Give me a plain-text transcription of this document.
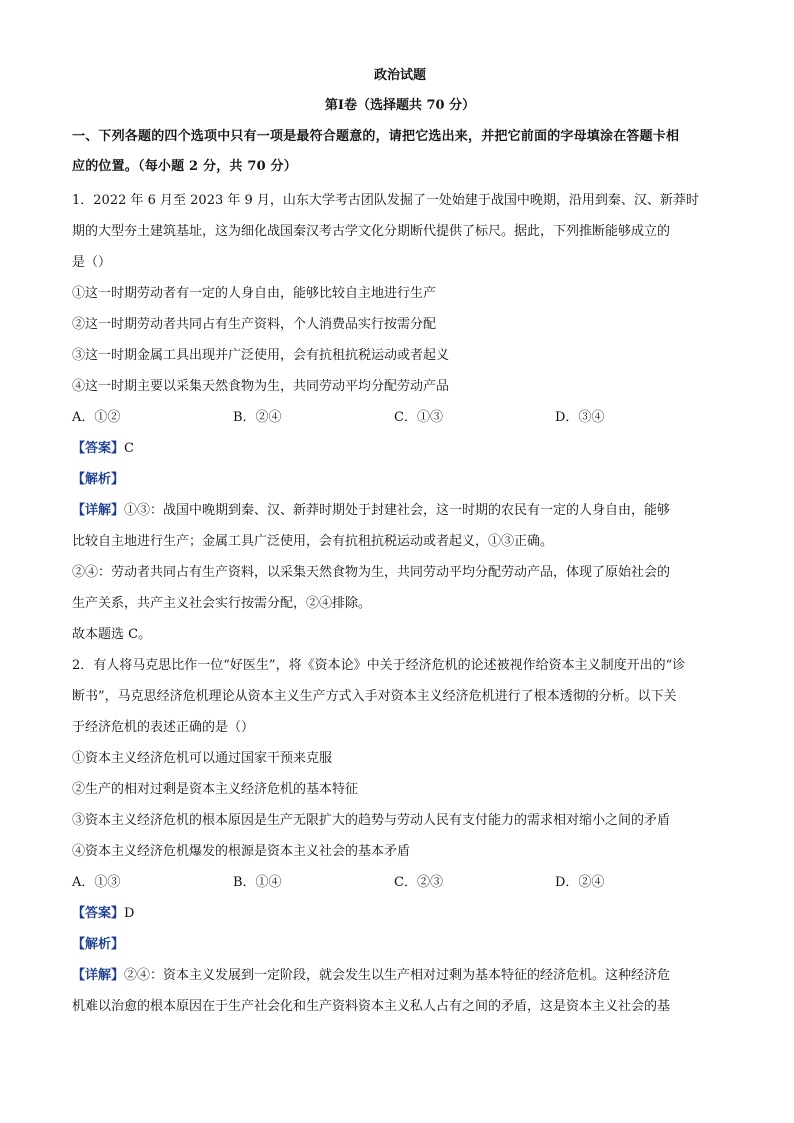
政治试题
第Ⅰ卷（选择题共 70 分）
一、下列各题的四个选项中只有一项是最符合题意的，请把它选出来，并把它前面的字母填涂在答题卡相
应的位置。（每小题 2 分，共 70 分）
1．2022 年 6 月至 2023 年 9 月，山东大学考古团队发掘了一处始建于战国中晚期，沿用到秦、汉、新莽时
期的大型夯土建筑基址，这为细化战国秦汉考古学文化分期断代提供了标尺。据此，下列推断能够成立的
是（）
①这一时期劳动者有一定的人身自由，能够比较自主地进行生产
②这一时期劳动者共同占有生产资料，个人消费品实行按需分配
③这一时期金属工具出现并广泛使用，会有抗租抗税运动或者起义
④这一时期主要以采集天然食物为生，共同劳动平均分配劳动产品
A．①②	B．②④	C．①③	D．③④
【答案】C
【解析】
【详解】①③：战国中晚期到秦、汉、新莽时期处于封建社会，这一时期的农民有一定的人身自由，能够
比较自主地进行生产；金属工具广泛使用，会有抗租抗税运动或者起义，①③正确。
②④：劳动者共同占有生产资料，以采集天然食物为生，共同劳动平均分配劳动产品，体现了原始社会的
生产关系，共产主义社会实行按需分配，②④排除。
故本题选 C。
2．有人将马克思比作一位“好医生”，将《资本论》中关于经济危机的论述被视作给资本主义制度开出的“诊
断书”，马克思经济危机理论从资本主义生产方式入手对资本主义经济危机进行了根本透彻的分析。以下关
于经济危机的表述正确的是（）
①资本主义经济危机可以通过国家干预来克服
②生产的相对过剩是资本主义经济危机的基本特征
③资本主义经济危机的根本原因是生产无限扩大的趋势与劳动人民有支付能力的需求相对缩小之间的矛盾
④资本主义经济危机爆发的根源是资本主义社会的基本矛盾
A．①③	B．①④	C．②③	D．②④
【答案】D
【解析】
【详解】②④：资本主义发展到一定阶段，就会发生以生产相对过剩为基本特征的经济危机。这种经济危
机难以治愈的根本原因在于生产社会化和生产资料资本主义私人占有之间的矛盾，这是资本主义社会的基
